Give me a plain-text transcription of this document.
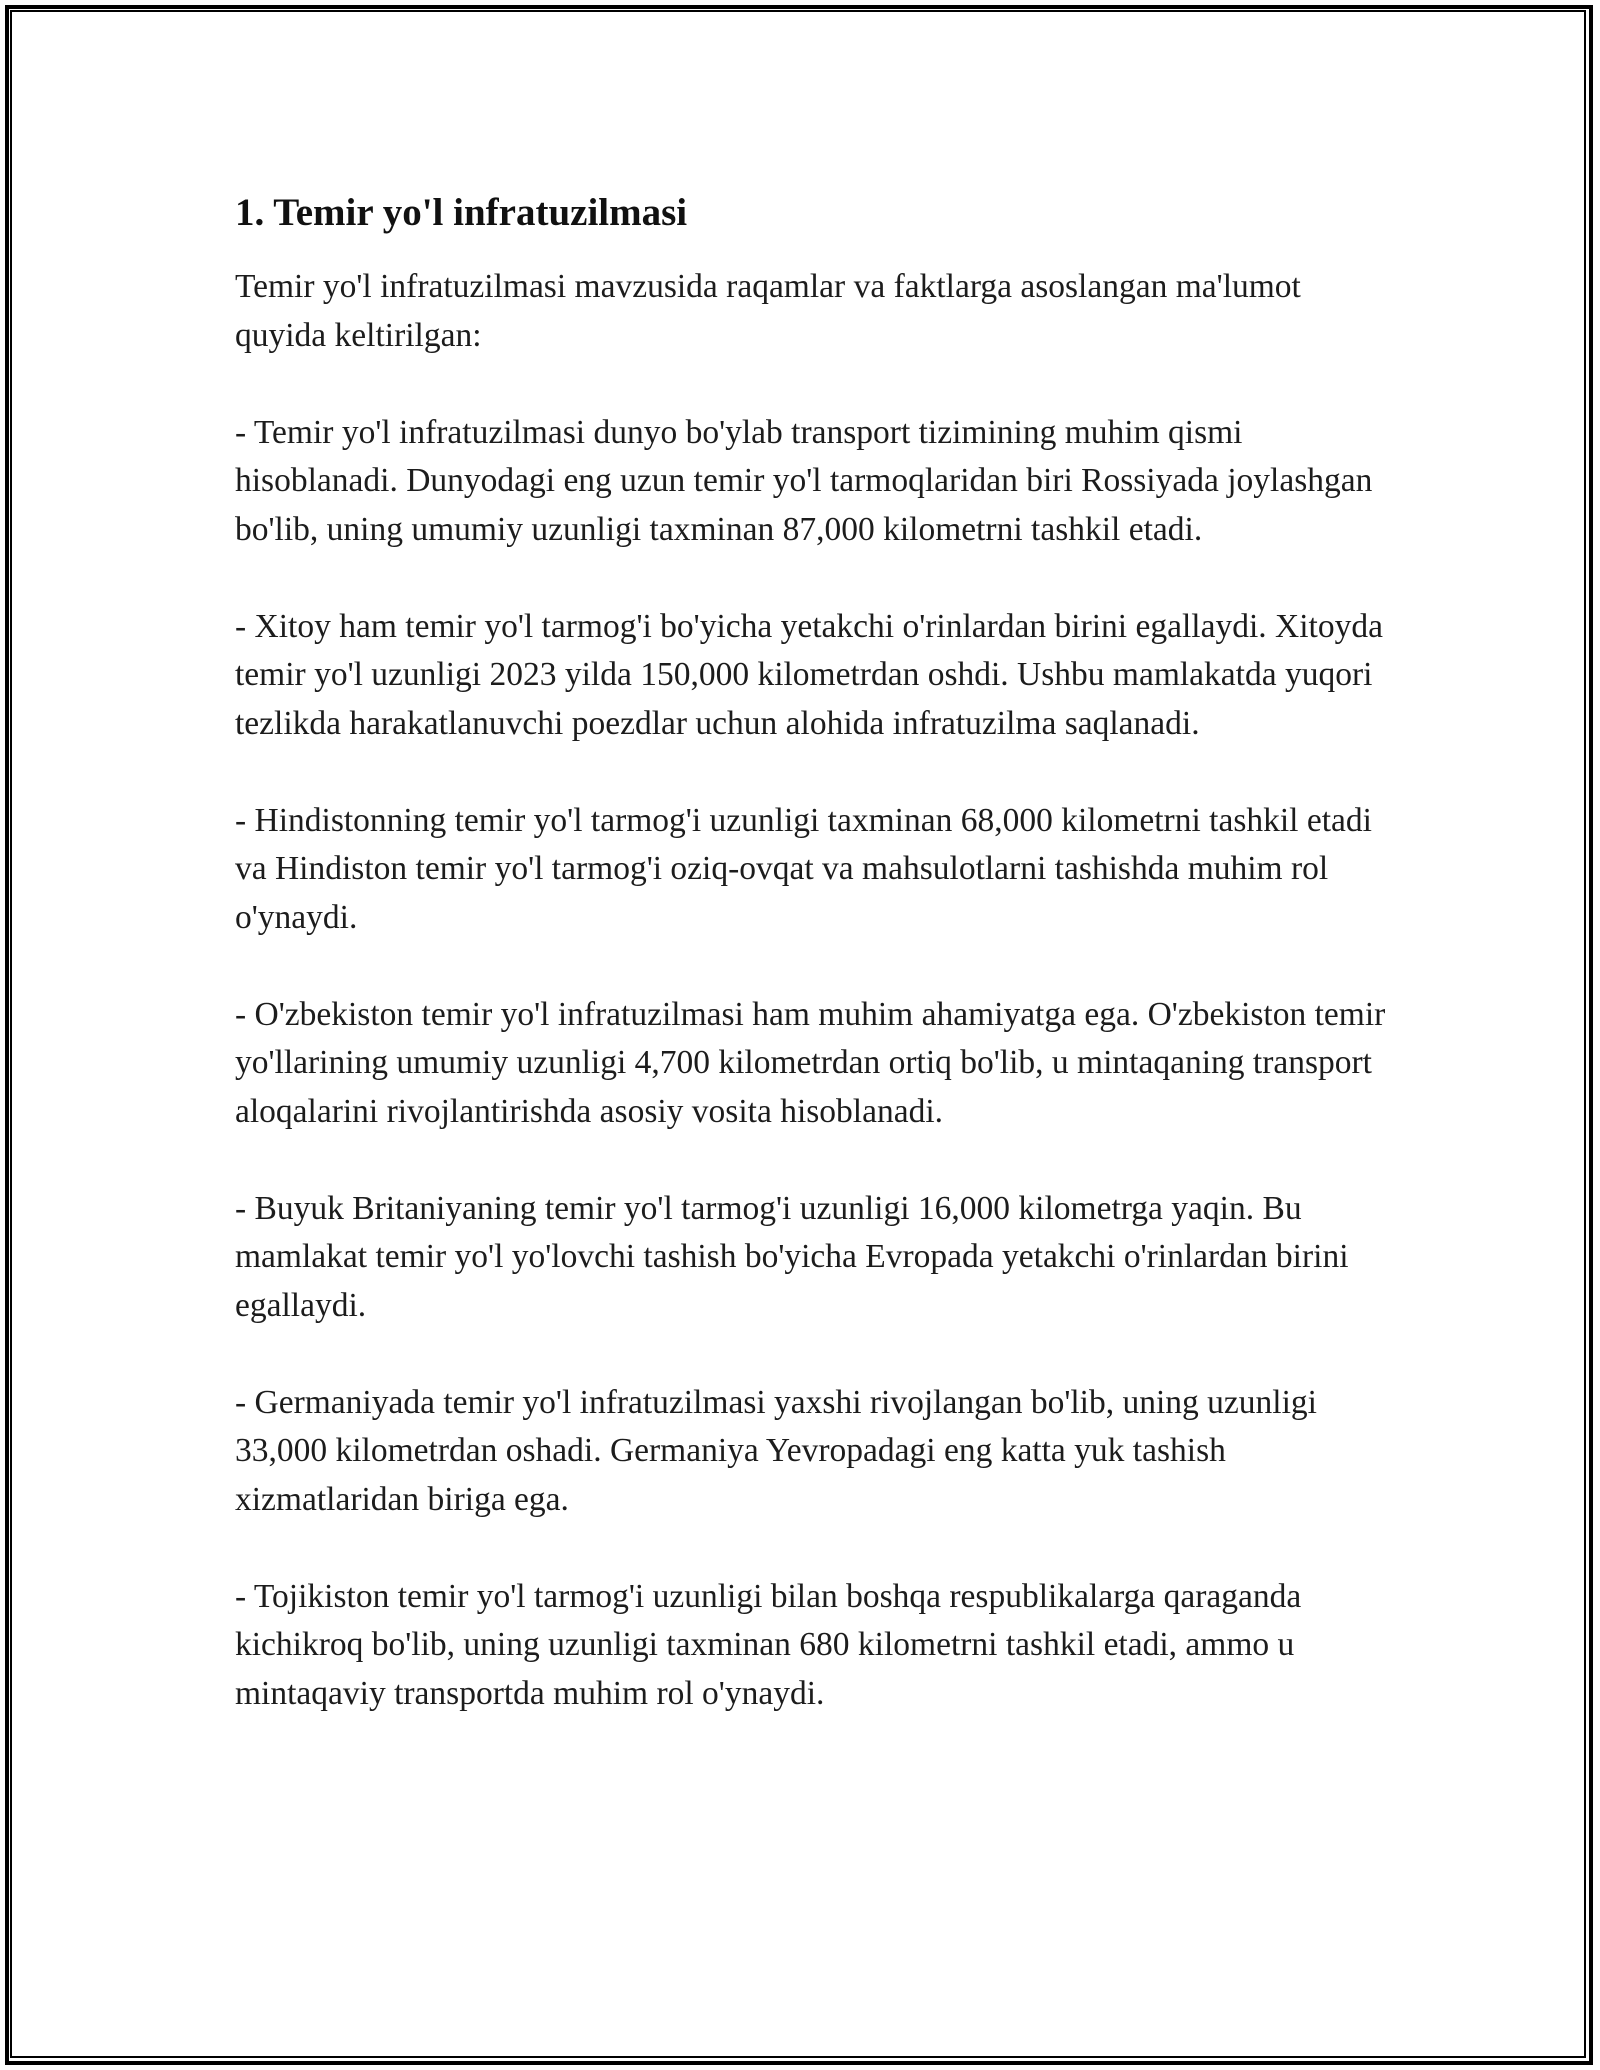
1. Temir yo'l infratuzilmasi

Temir yo'l infratuzilmasi mavzusida raqamlar va faktlarga asoslangan ma'lumot quyida keltirilgan:

- Temir yo'l infratuzilmasi dunyo bo'ylab transport tizimining muhim qismi hisoblanadi. Dunyodagi eng uzun temir yo'l tarmoqlaridan biri Rossiyada joylashgan bo'lib, uning umumiy uzunligi taxminan 87,000 kilometrni tashkil etadi.

- Xitoy ham temir yo'l tarmog'i bo'yicha yetakchi o'rinlardan birini egallaydi. Xitoyda temir yo'l uzunligi 2023 yilda 150,000 kilometrdan oshdi. Ushbu mamlakatda yuqori tezlikda harakatlanuvchi poezdlar uchun alohida infratuzilma saqlanadi.

- Hindistonning temir yo'l tarmog'i uzunligi taxminan 68,000 kilometrni tashkil etadi va Hindiston temir yo'l tarmog'i oziq-ovqat va mahsulotlarni tashishda muhim rol o'ynaydi.

- O'zbekiston temir yo'l infratuzilmasi ham muhim ahamiyatga ega. O'zbekiston temir yo'llarining umumiy uzunligi 4,700 kilometrdan ortiq bo'lib, u mintaqaning transport aloqalarini rivojlantirishda asosiy vosita hisoblanadi.

- Buyuk Britaniyaning temir yo'l tarmog'i uzunligi 16,000 kilometrga yaqin. Bu mamlakat temir yo'l yo'lovchi tashish bo'yicha Evropada yetakchi o'rinlardan birini egallaydi.

- Germaniyada temir yo'l infratuzilmasi yaxshi rivojlangan bo'lib, uning uzunligi 33,000 kilometrdan oshadi. Germaniya Yevropadagi eng katta yuk tashish xizmatlaridan biriga ega.

- Tojikiston temir yo'l tarmog'i uzunligi bilan boshqa respublikalarga qaraganda kichikroq bo'lib, uning uzunligi taxminan 680 kilometrni tashkil etadi, ammo u mintaqaviy transportda muhim rol o'ynaydi.
